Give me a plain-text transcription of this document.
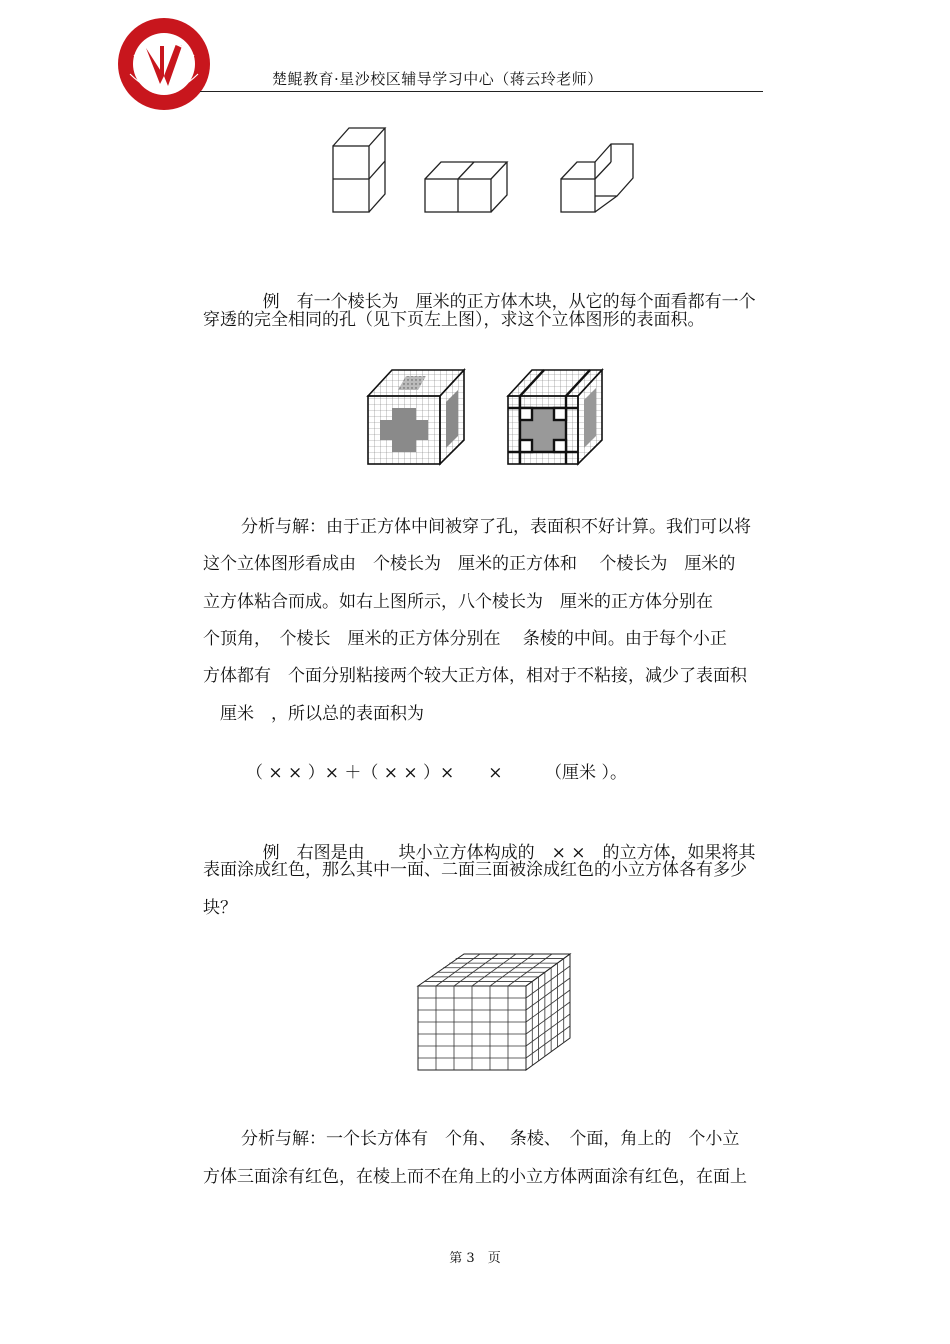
楚鲲教育·星沙校区辅导学习中心（蒋云玲老师）

例　 有一个棱长为　厘米的正方体木块，从它的每个面看都有一个

穿透的完全相同的孔（见下页左上图），求这个立体图形的表面积。
分析与解：由于正方体中间被穿了孔，表面积不好计算。我们可以将
这个立体图形看成由　个棱长为　厘米的正方体和　 个棱长为　厘米的
立方体粘合而成。如右上图所示，八个棱长为　厘米的正方体分别在
个顶角，　个棱长　厘米的正方体分别在　 条棱的中间。由于每个小正
方体都有　个面分别粘接两个较大正方体，相对于不粘接，减少了表面积
　厘米　，所以总的表面积为
（ × × ）× ＋（ × × ）×　　×　　　（厘米 ）。

例　 右图是由　　块小立方体构成的　× ×　的立方体，如果将其

表面涂成红色，那么其中一面、二面三面被涂成红色的小立方体各有多少
块？
分析与解：一个长方体有　个角、　 条棱、　个面，角上的　个小立
方体三面涂有红色，在棱上而不在角上的小立方体两面涂有红色，在面上
第 3　页
